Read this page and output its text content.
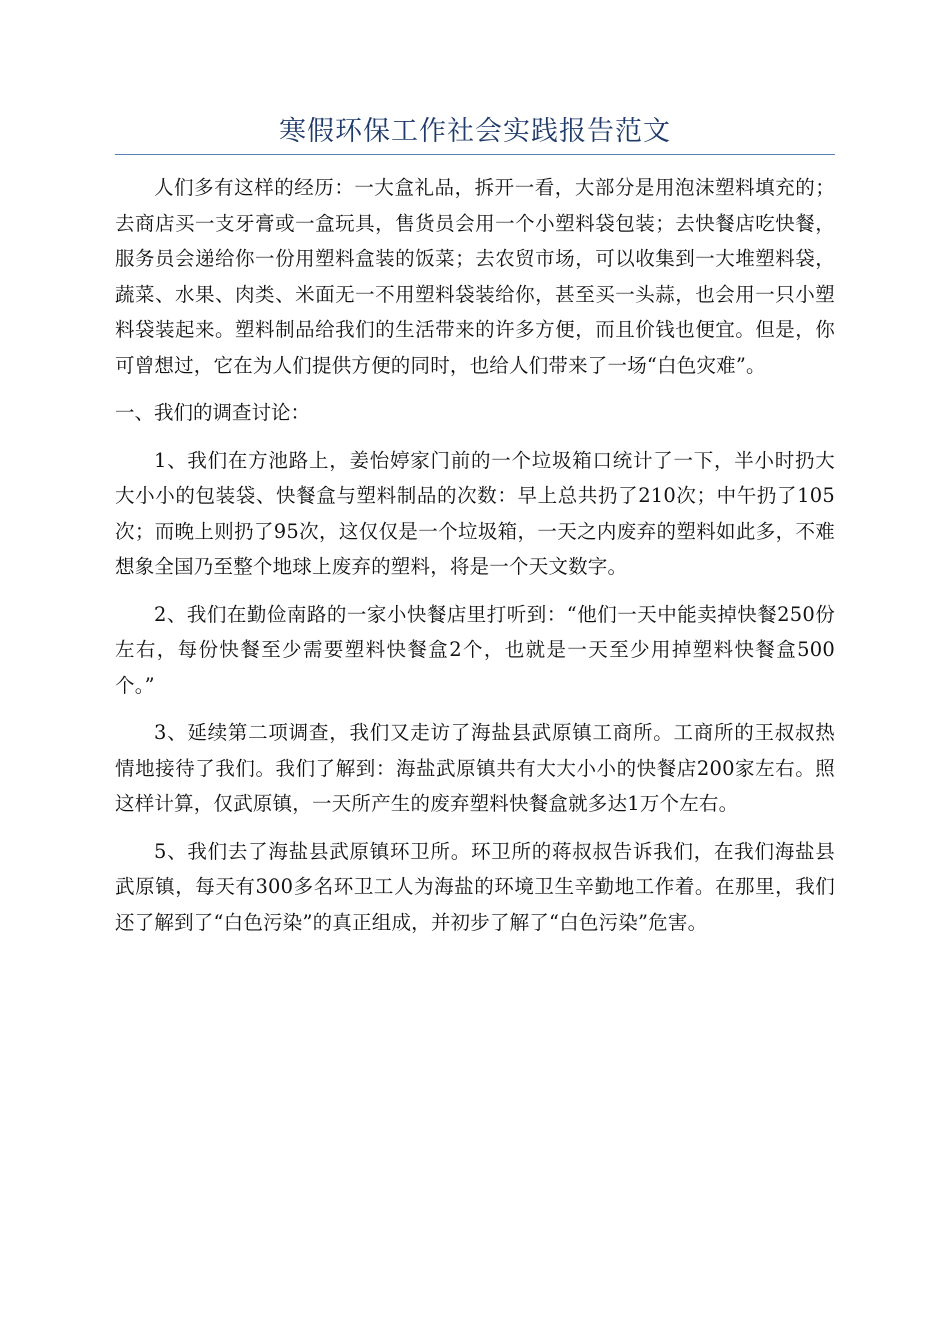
寒假环保工作社会实践报告范文

人们多有这样的经历：一大盒礼品，拆开一看，大部分是用泡沫塑料填充的；去商店买一支牙膏或一盒玩具，售货员会用一个小塑料袋包装；去快餐店吃快餐，服务员会递给你一份用塑料盒装的饭菜；去农贸市场，可以收集到一大堆塑料袋，蔬菜、水果、肉类、米面无一不用塑料袋装给你，甚至买一头蒜，也会用一只小塑料袋装起来。塑料制品给我们的生活带来的许多方便，而且价钱也便宜。但是，你可曾想过，它在为人们提供方便的同时，也给人们带来了一场“白色灾难”。

一、我们的调查讨论：

1、我们在方池路上，姜怡婷家门前的一个垃圾箱口统计了一下，半小时扔大大小小的包装袋、快餐盒与塑料制品的次数：早上总共扔了210次；中午扔了105次；而晚上则扔了95次，这仅仅是一个垃圾箱，一天之内废弃的塑料如此多，不难想象全国乃至整个地球上废弃的塑料，将是一个天文数字。

2、我们在勤俭南路的一家小快餐店里打听到：“他们一天中能卖掉快餐250份左右，每份快餐至少需要塑料快餐盒2个，也就是一天至少用掉塑料快餐盒500个。”

3、延续第二项调查，我们又走访了海盐县武原镇工商所。工商所的王叔叔热情地接待了我们。我们了解到：海盐武原镇共有大大小小的快餐店200家左右。照这样计算，仅武原镇，一天所产生的废弃塑料快餐盒就多达1万个左右。

5、我们去了海盐县武原镇环卫所。环卫所的蒋叔叔告诉我们，在我们海盐县武原镇，每天有300多名环卫工人为海盐的环境卫生辛勤地工作着。在那里，我们还了解到了“白色污染”的真正组成，并初步了解了“白色污染”危害。
